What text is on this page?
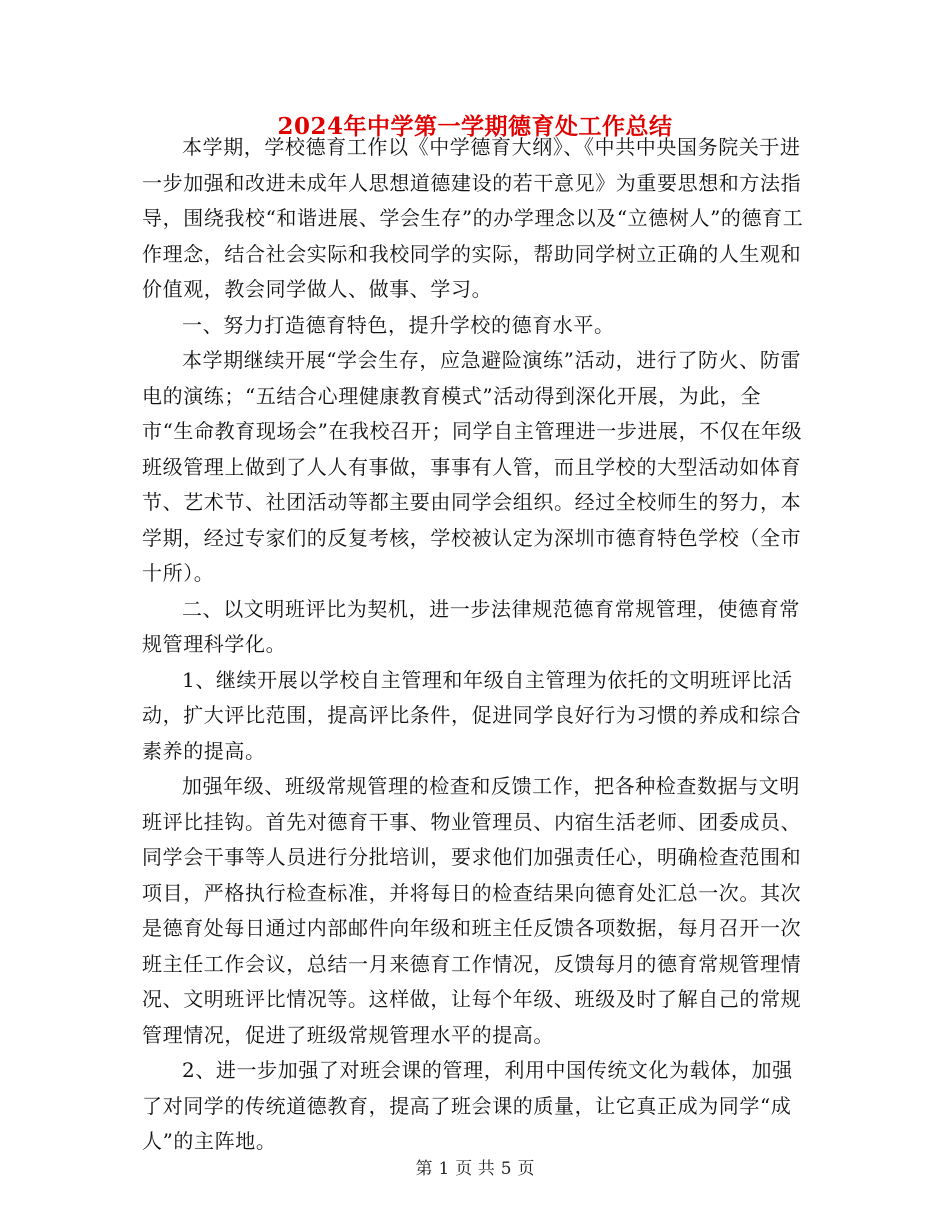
2024年中学第一学期德育处工作总结

本学期，学校德育工作以《中学德育大纲》、《中共中央国务院关于进一步加强和改进未成年人思想道德建设的若干意见》为重要思想和方法指导，围绕我校“和谐进展、学会生存”的办学理念以及“立德树人”的德育工作理念，结合社会实际和我校同学的实际，帮助同学树立正确的人生观和价值观，教会同学做人、做事、学习。

一、努力打造德育特色，提升学校的德育水平。

本学期继续开展“学会生存，应急避险演练”活动，进行了防火、防雷电的演练；“五结合心理健康教育模式”活动得到深化开展，为此，全市“生命教育现场会”在我校召开；同学自主管理进一步进展，不仅在年级班级管理上做到了人人有事做，事事有人管，而且学校的大型活动如体育节、艺术节、社团活动等都主要由同学会组织。经过全校师生的努力，本学期，经过专家们的反复考核，学校被认定为深圳市德育特色学校（全市十所）。

二、以文明班评比为契机，进一步法律规范德育常规管理，使德育常规管理科学化。

1、继续开展以学校自主管理和年级自主管理为依托的文明班评比活动，扩大评比范围，提高评比条件，促进同学良好行为习惯的养成和综合素养的提高。

加强年级、班级常规管理的检查和反馈工作，把各种检查数据与文明班评比挂钩。首先对德育干事、物业管理员、内宿生活老师、团委成员、同学会干事等人员进行分批培训，要求他们加强责任心，明确检查范围和项目，严格执行检查标准，并将每日的检查结果向德育处汇总一次。其次是德育处每日通过内部邮件向年级和班主任反馈各项数据，每月召开一次班主任工作会议，总结一月来德育工作情况，反馈每月的德育常规管理情况、文明班评比情况等。这样做，让每个年级、班级及时了解自己的常规管理情况，促进了班级常规管理水平的提高。

2、进一步加强了对班会课的管理，利用中国传统文化为载体，加强了对同学的传统道德教育，提高了班会课的质量，让它真正成为同学“成人”的主阵地。

第 1 页 共 5 页
